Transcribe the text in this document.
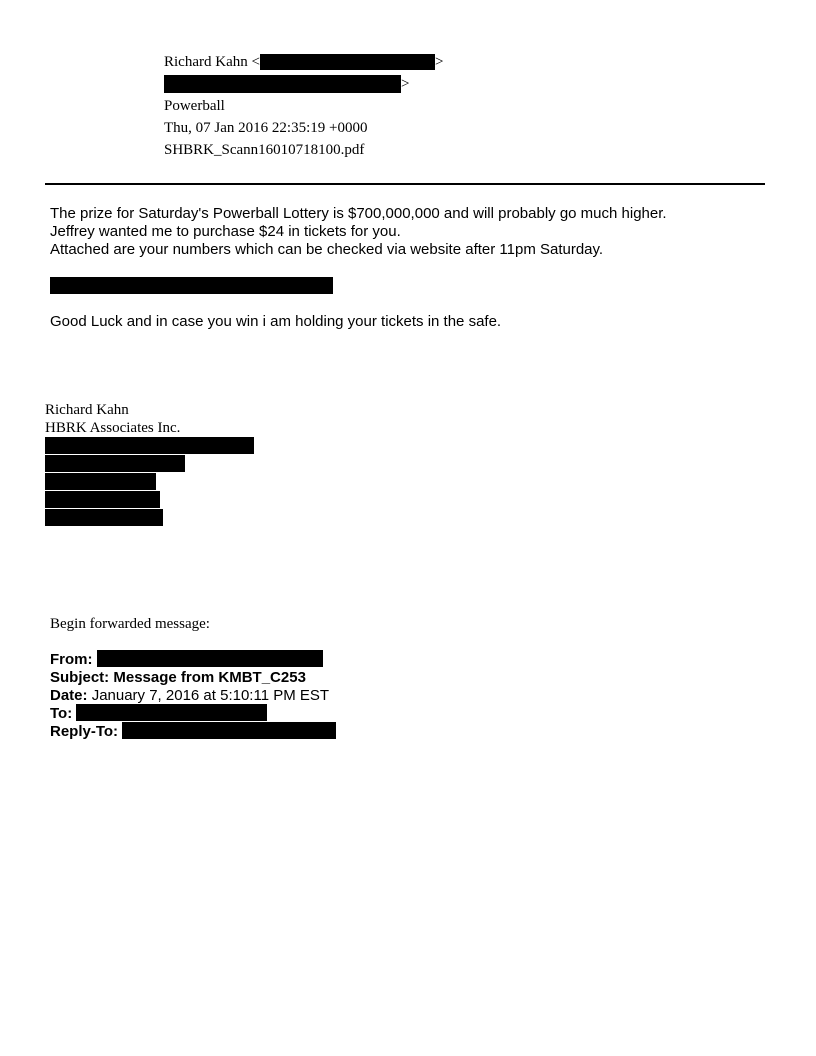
Richard Kahn <	>
>
Powerball
Thu, 07 Jan 2016 22:35:19 +0000
SHBRK_Scann16010718100.pdf
The prize for Saturday's Powerball Lottery is $700,000,000 and will probably go much higher.
Jeffrey wanted me to purchase $24 in tickets for you.
Attached are your numbers which can be checked via website after 11pm Saturday.
Good Luck and in case you win i am holding your tickets in the safe.
Richard Kahn
HBRK Associates Inc.
Begin forwarded message:
From:
Subject: Message from KMBT_C253
Date: January 7, 2016 at 5:10:11 PM EST
To:
Reply-To:
